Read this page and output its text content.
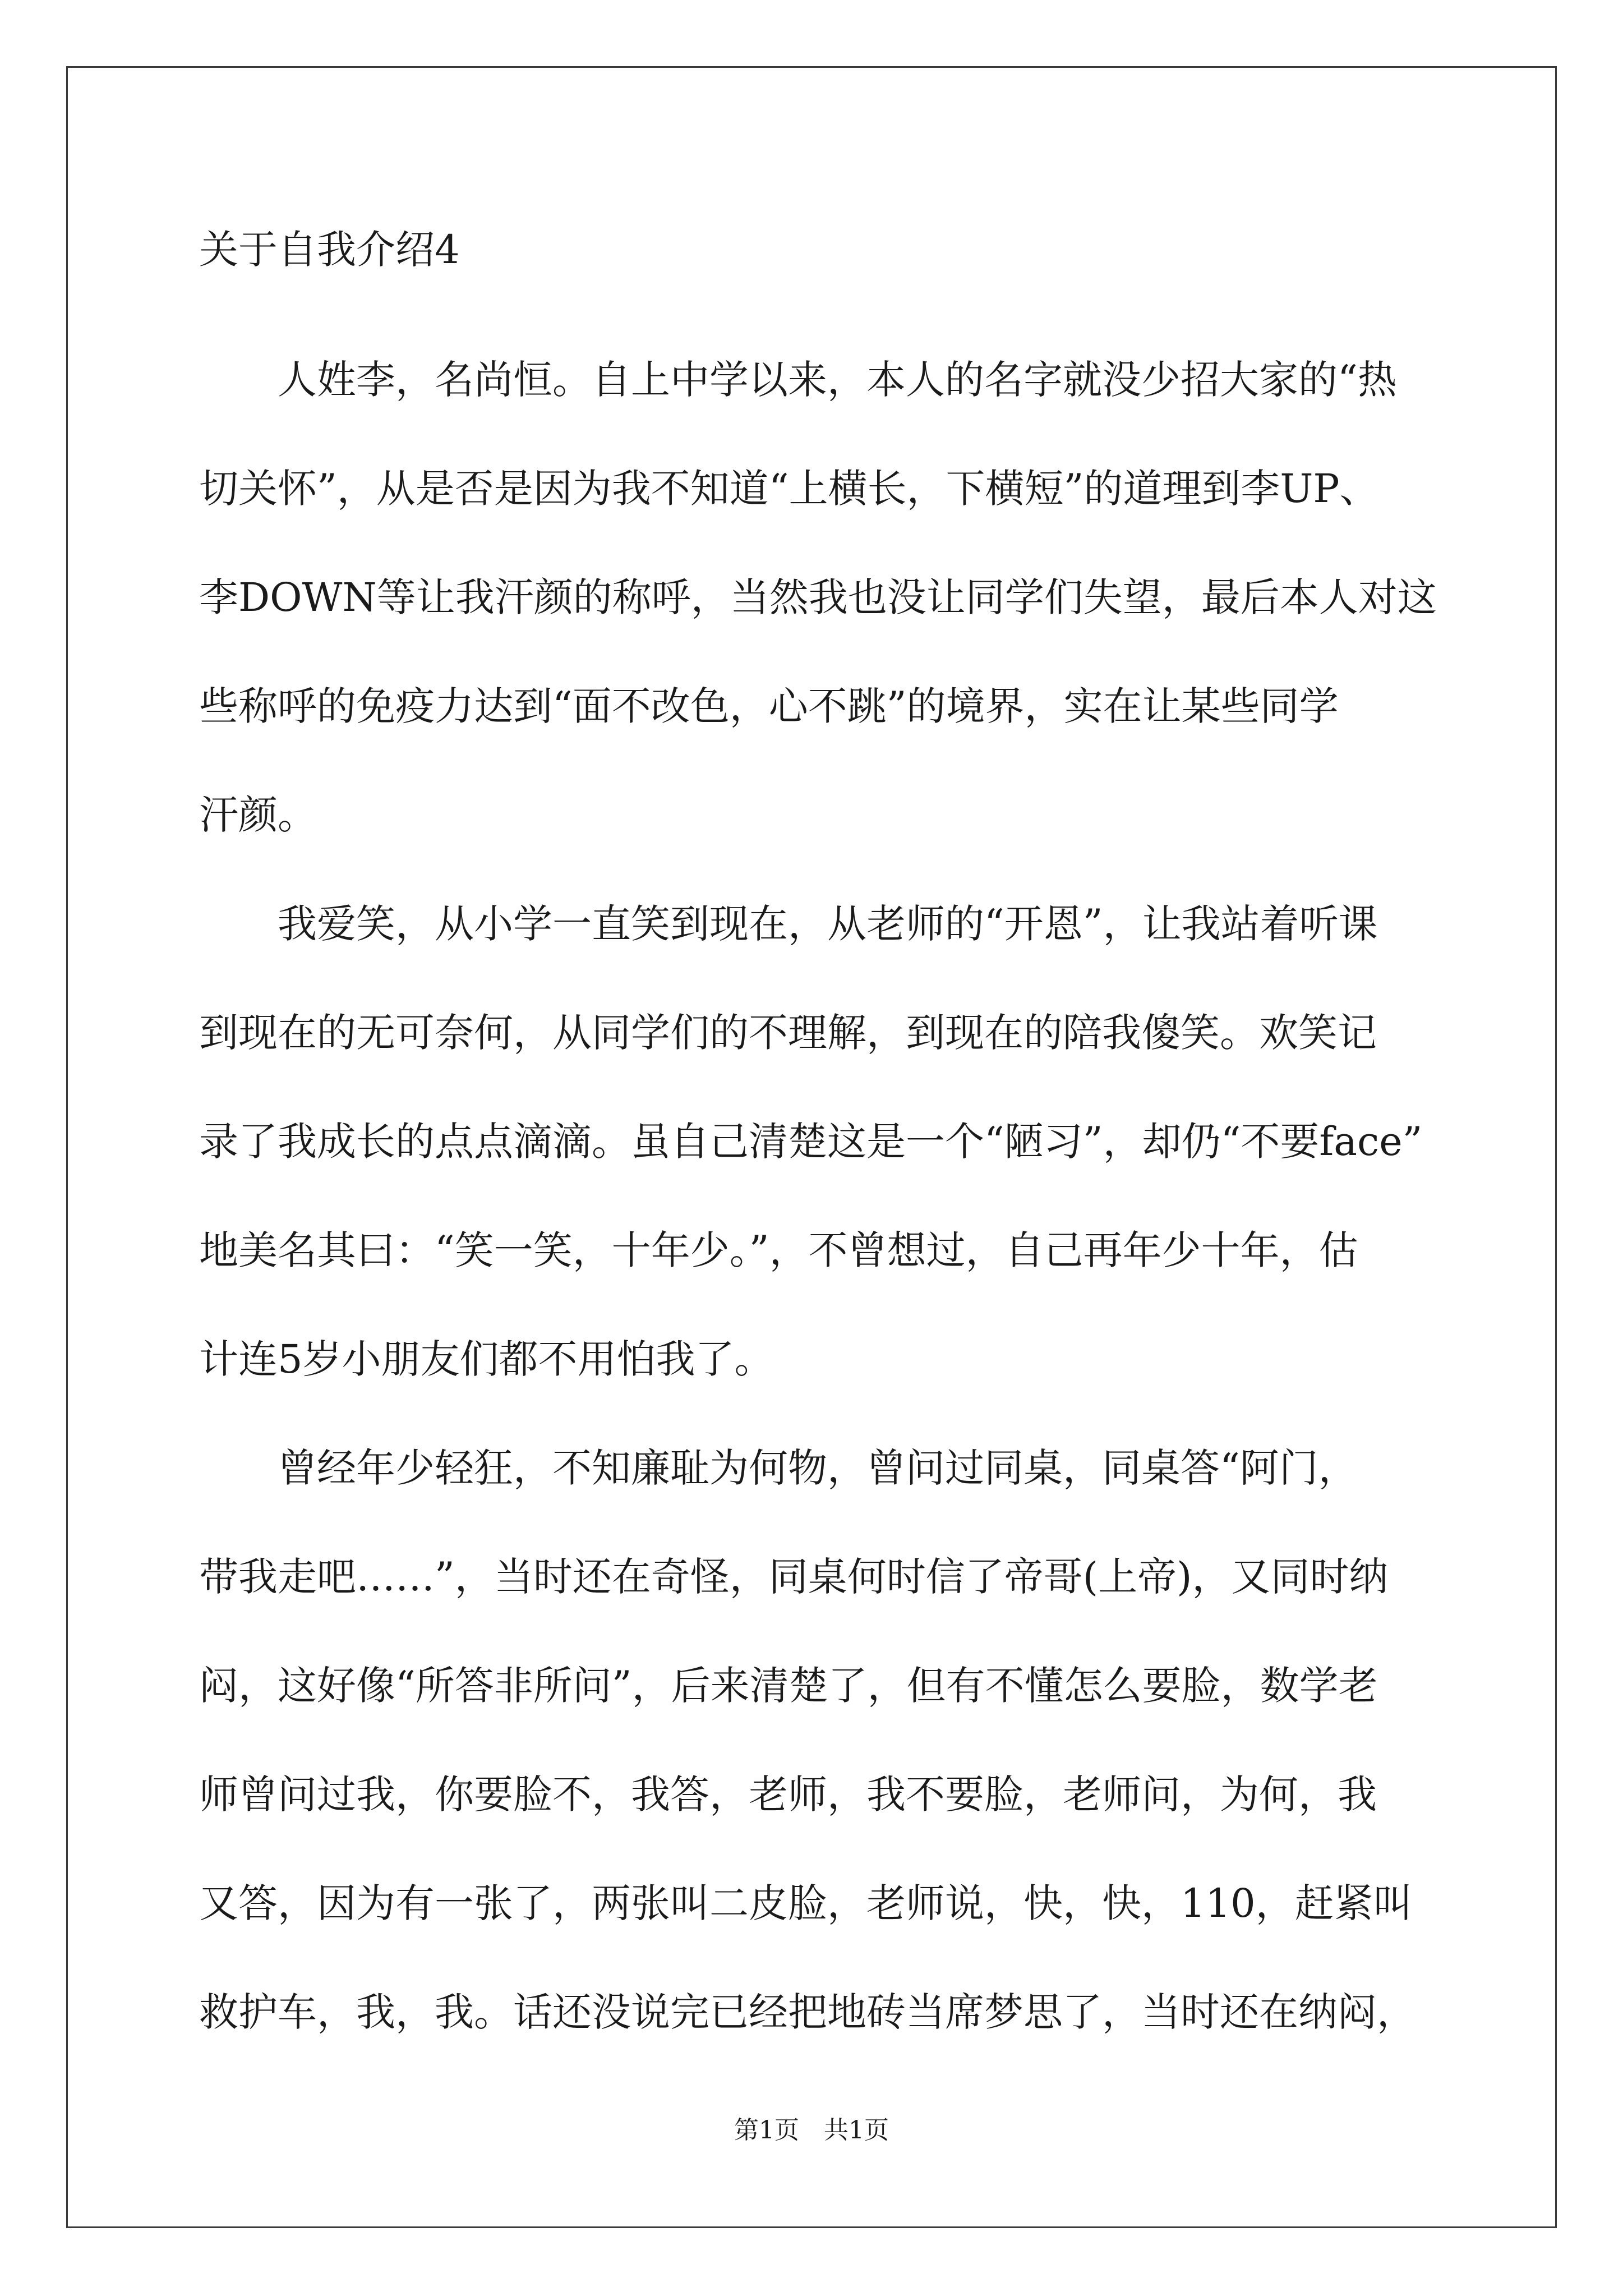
关于自我介绍4
人姓李，名尚恒。自上中学以来，本人的名字就没少招大家的“热
切关怀”，从是否是因为我不知道“上横长，下横短”的道理到李UP、
李DOWN等让我汗颜的称呼，当然我也没让同学们失望，最后本人对这
些称呼的免疫力达到“面不改色，心不跳”的境界，实在让某些同学
汗颜。
我爱笑，从小学一直笑到现在，从老师的“开恩”，让我站着听课
到现在的无可奈何，从同学们的不理解，到现在的陪我傻笑。欢笑记
录了我成长的点点滴滴。虽自己清楚这是一个“陋习”，却仍“不要face”
地美名其曰：“笑一笑，十年少。”，不曾想过，自己再年少十年，估
计连5岁小朋友们都不用怕我了。
曾经年少轻狂，不知廉耻为何物，曾问过同桌，同桌答“阿门，
带我走吧……”，当时还在奇怪，同桌何时信了帝哥(上帝)，又同时纳
闷，这好像“所答非所问”，后来清楚了，但有不懂怎么要脸，数学老
师曾问过我，你要脸不，我答，老师，我不要脸，老师问，为何，我
又答，因为有一张了，两张叫二皮脸，老师说，快，快，110，赶紧叫
救护车，我，我。话还没说完已经把地砖当席梦思了，当时还在纳闷，
第1页 共1页
